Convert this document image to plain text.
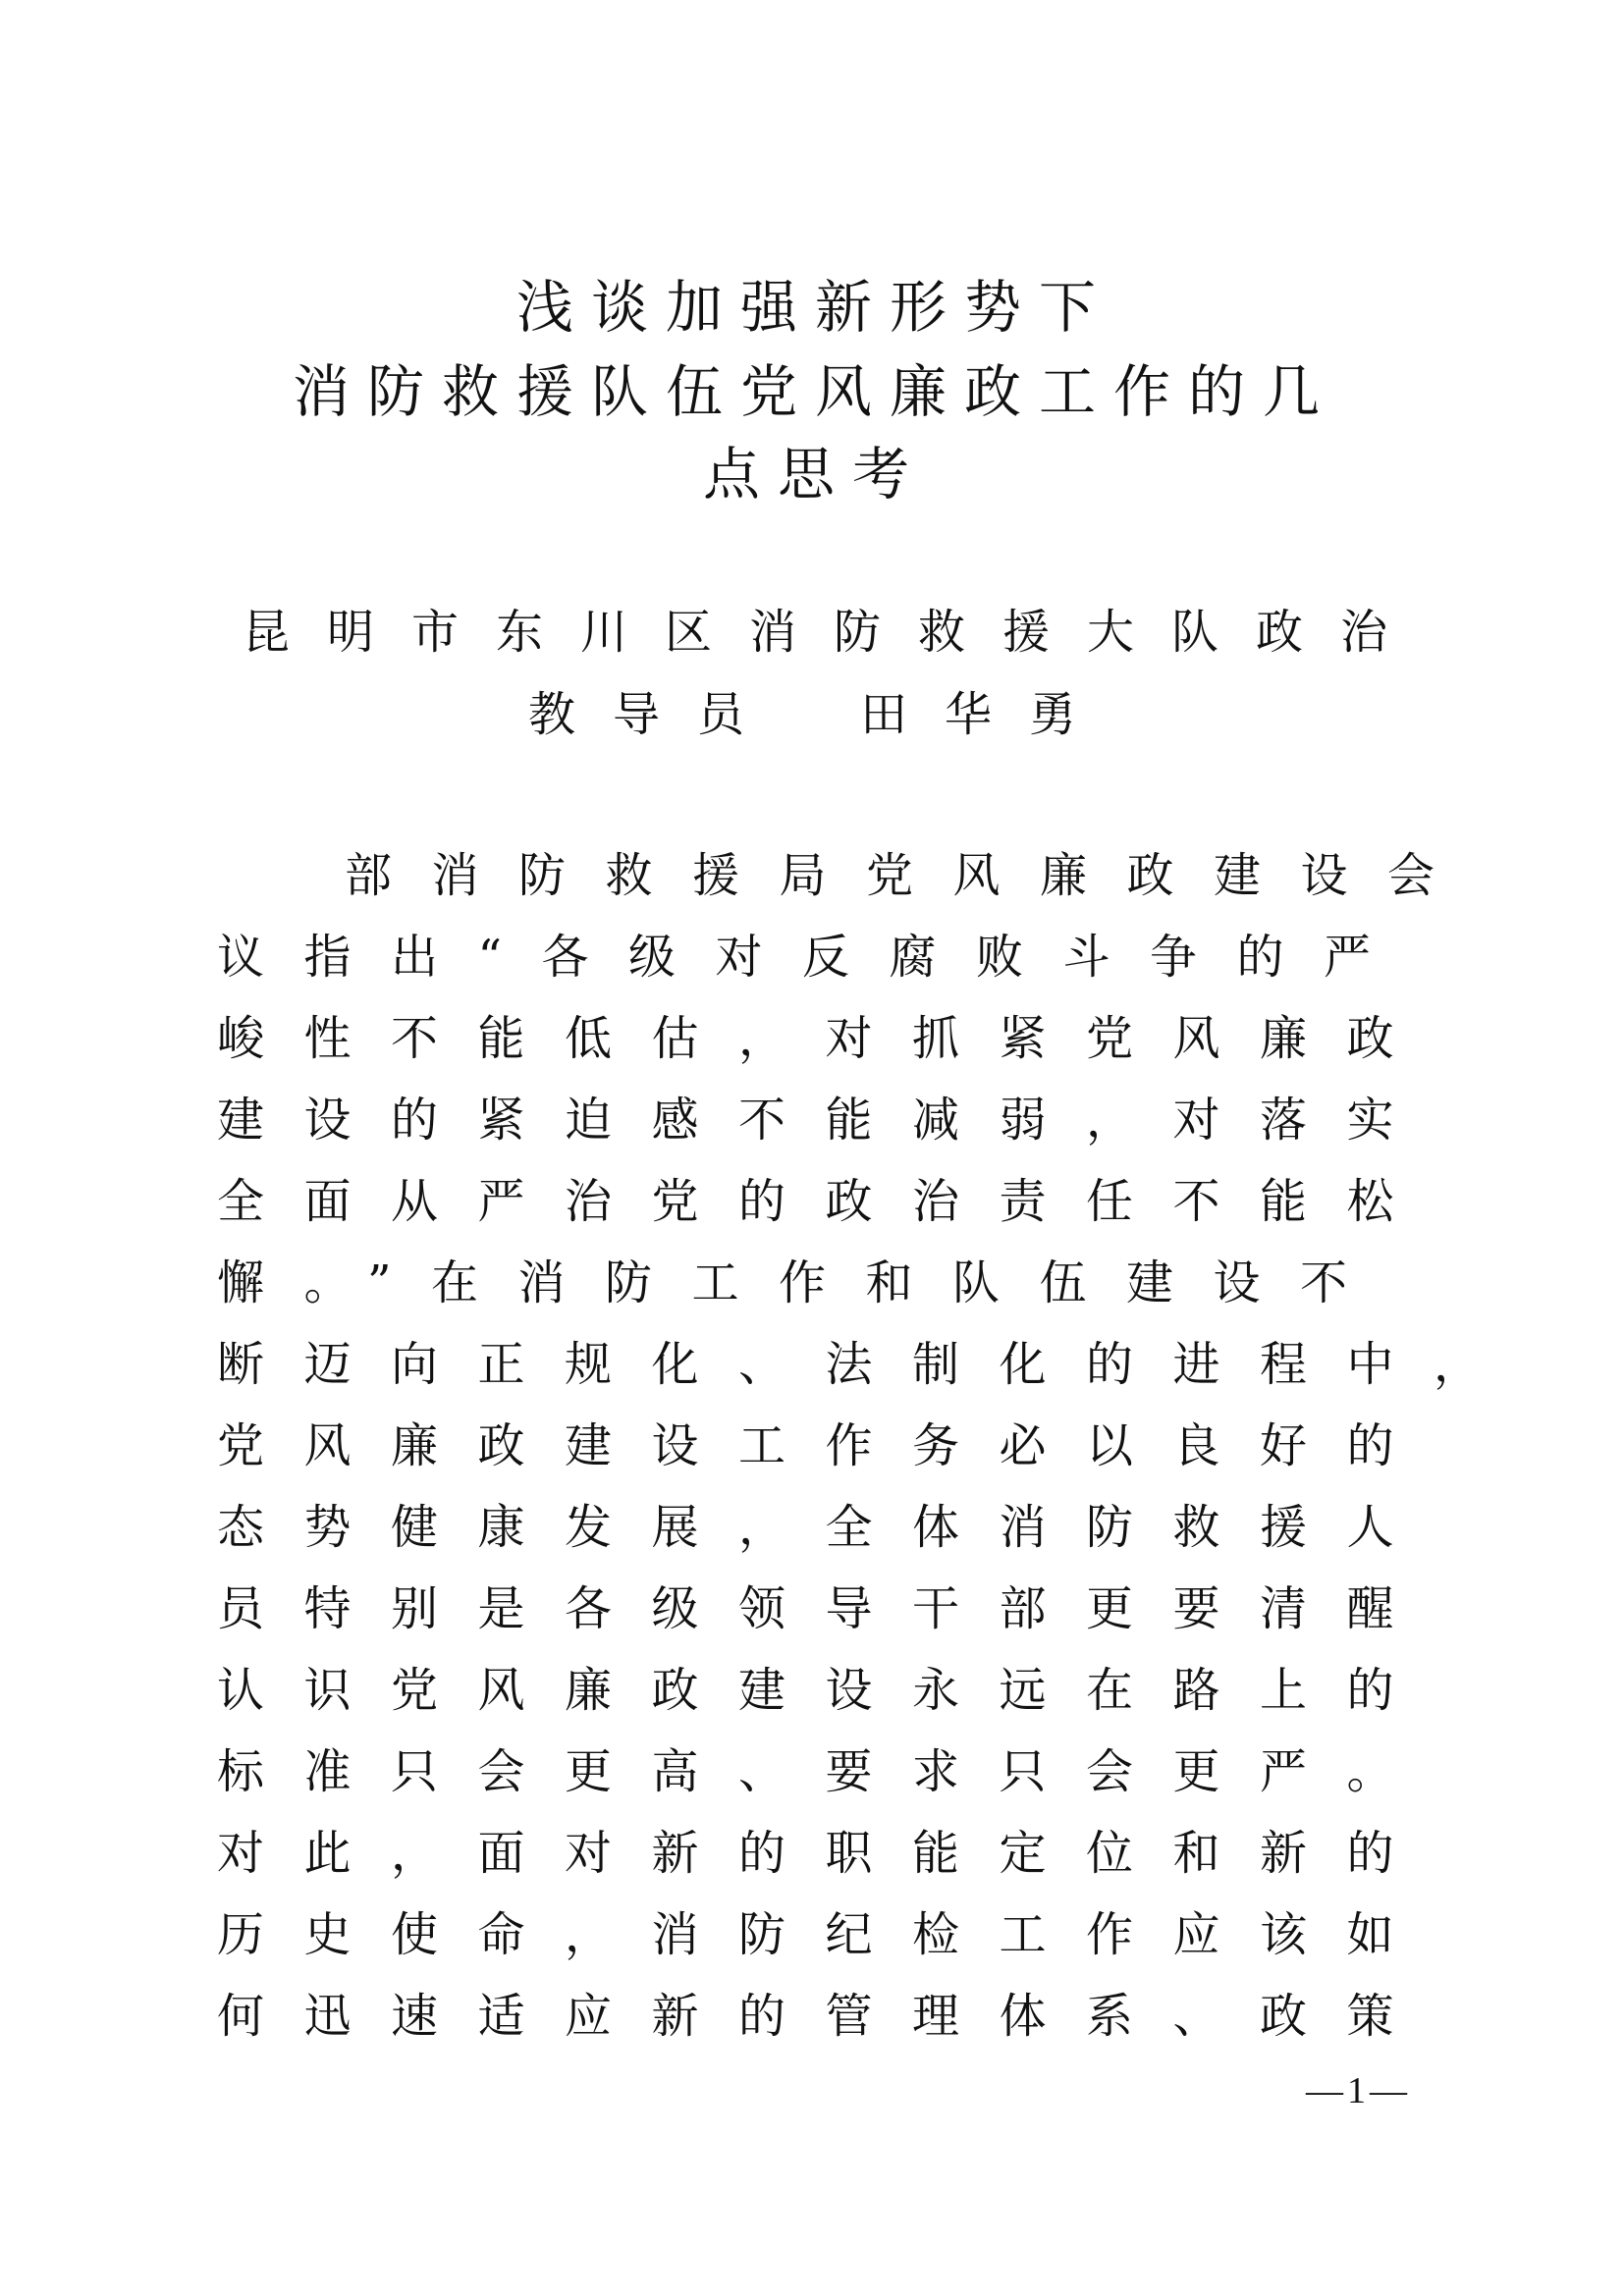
浅谈加强新形势下
消防救援队伍党风廉政工作的几
点思考

昆明市东川区消防救援大队政治

教导员 田华勇

部消防救援局党风廉政建设会
议指出“各级对反腐败斗争的严
峻性不能低估，对抓紧党风廉政
建设的紧迫感不能减弱，对落实
全面从严治党的政治责任不能松
懈。”在消防工作和队伍建设不
断迈向正规化、法制化的进程中，
党风廉政建设工作务必以良好的
态势健康发展，全体消防救援人
员特别是各级领导干部更要清醒
认识党风廉政建设永远在路上的
标准只会更高、要求只会更严。
对此，面对新的职能定位和新的
历史使命，消防纪检工作应该如
何迅速适应新的管理体系、政策
—1—
